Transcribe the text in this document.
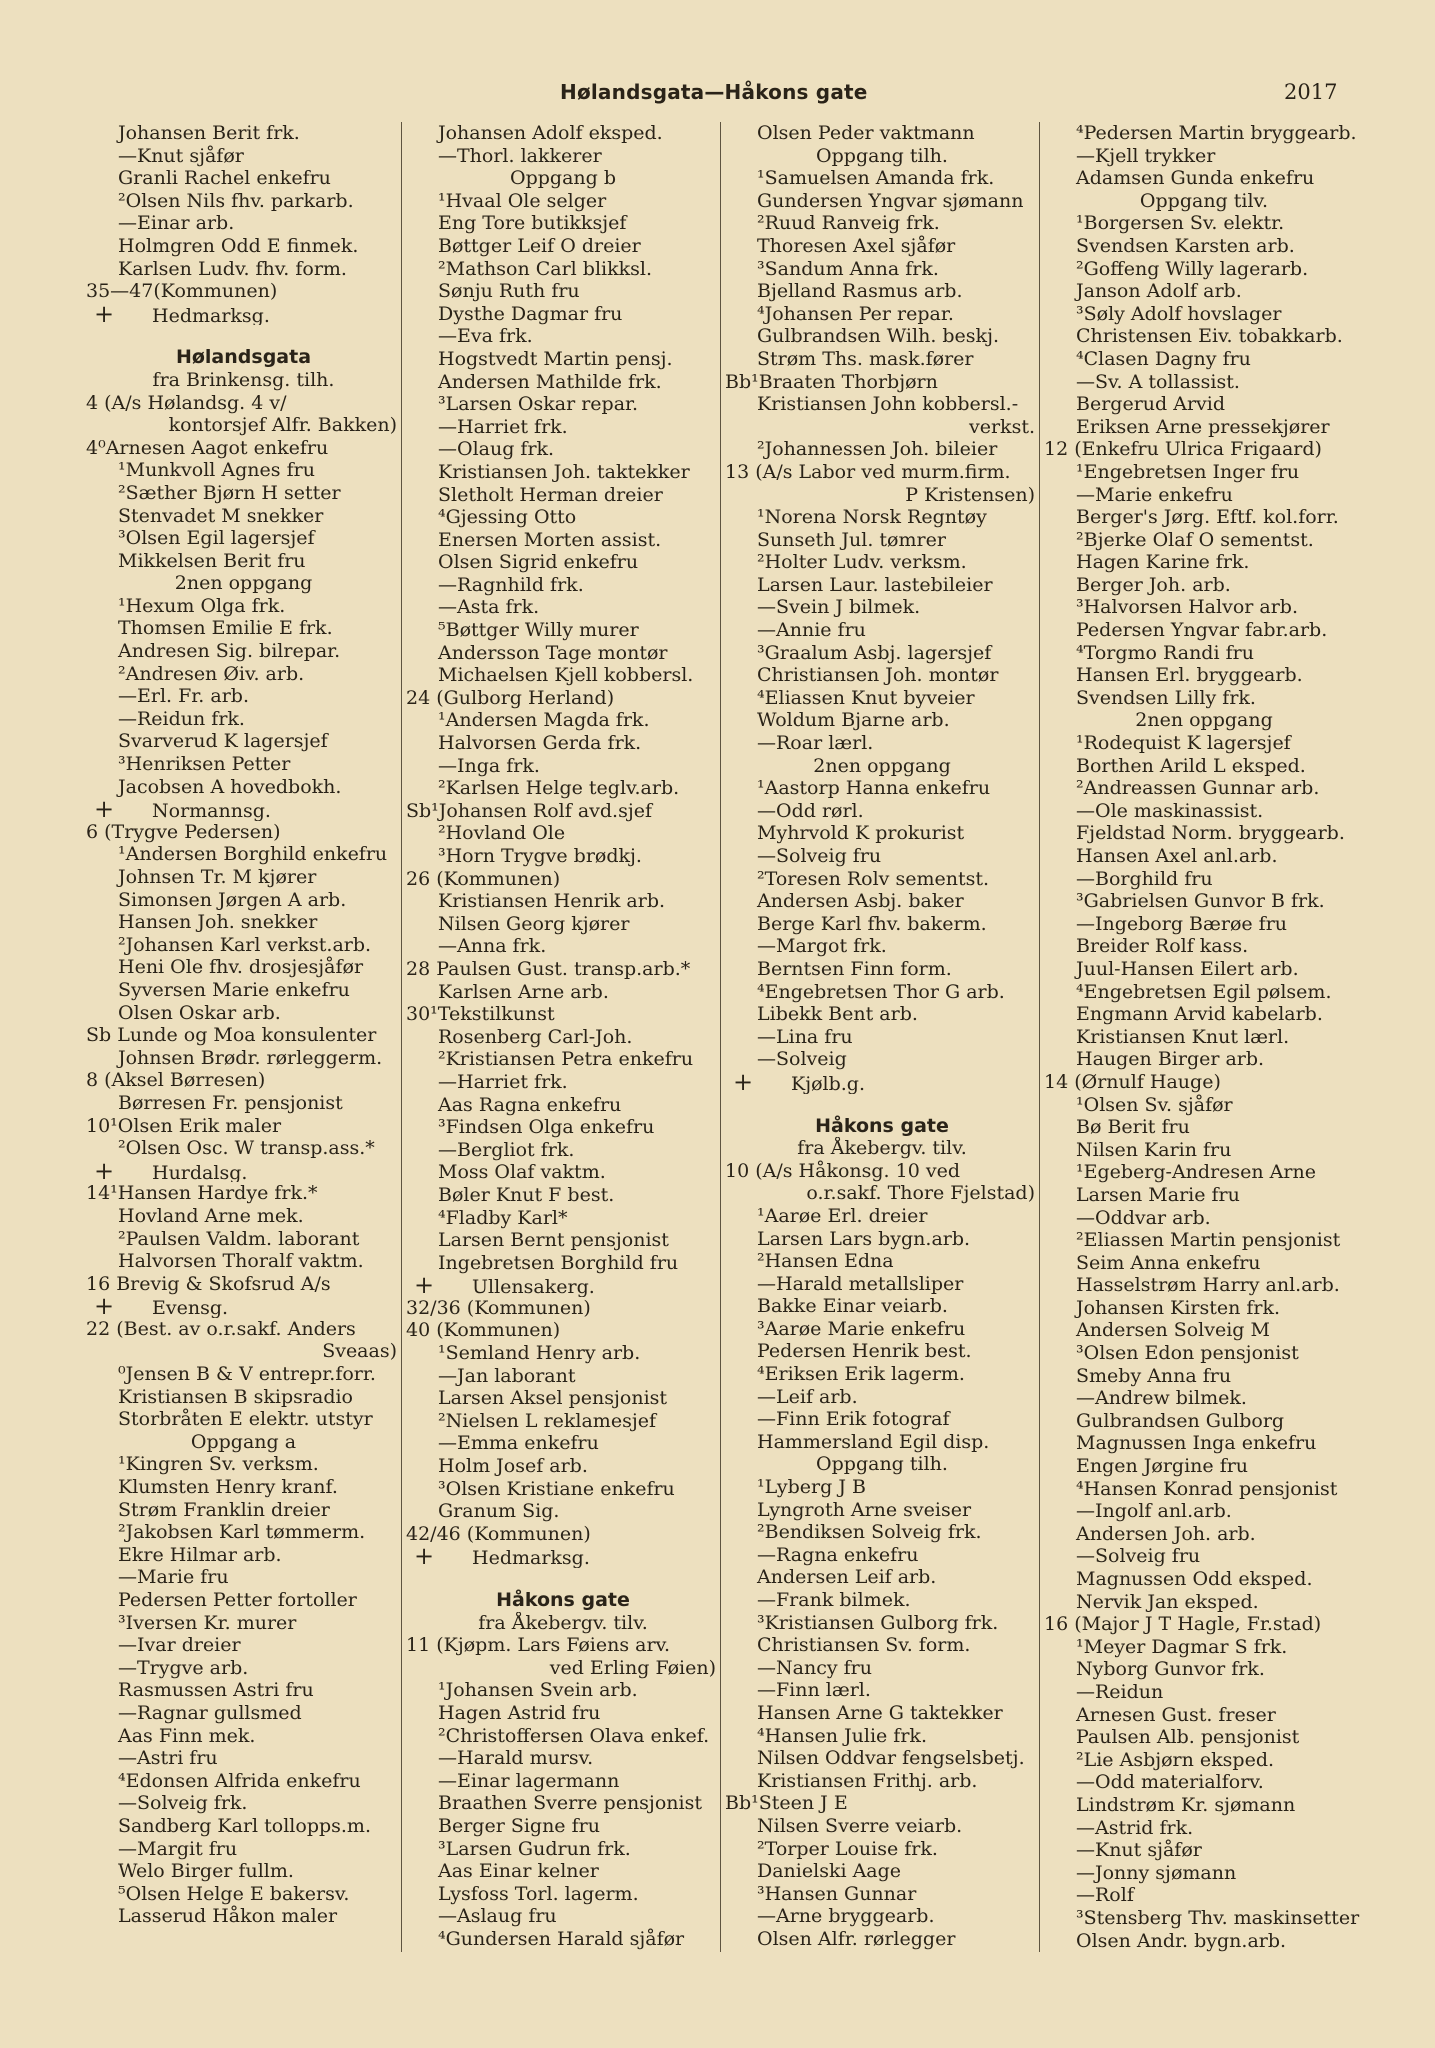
Hølandsgata—Håkons gate	2017
Johansen Berit frk.
—Knut sjåfør
Granli Rachel enkefru
²Olsen Nils fhv. parkarb.
—Einar arb.
Holmgren Odd E finmek.
Karlsen Ludv. fhv. form.
35—47(Kommunen)
+ Hedmarksg.
Hølandsgata
fra Brinkensg. tilh.
4 (A/s Hølandsg. 4 v/
kontorsjef Alfr. Bakken)
4⁰Arnesen Aagot enkefru
¹Munkvoll Agnes fru
²Sæther Bjørn H setter
Stenvadet M snekker
³Olsen Egil lagersjef
Mikkelsen Berit fru
2nen oppgang
¹Hexum Olga frk.
Thomsen Emilie E frk.
Andresen Sig. bilrepar.
²Andresen Øiv. arb.
—Erl. Fr. arb.
—Reidun frk.
Svarverud K lagersjef
³Henriksen Petter
Jacobsen A hovedbokh.
+ Normannsg.
6 (Trygve Pedersen)
¹Andersen Borghild enkefru
Johnsen Tr. M kjører
Simonsen Jørgen A arb.
Hansen Joh. snekker
²Johansen Karl verkst.arb.
Heni Ole fhv. drosjesjåfør
Syversen Marie enkefru
Olsen Oskar arb.
Sb Lunde og Moa konsulenter
Johnsen Brødr. rørleggerm.
8 (Aksel Børresen)
Børresen Fr. pensjonist
10¹Olsen Erik maler
²Olsen Osc. W transp.ass.*
+ Hurdalsg.
14¹Hansen Hardye frk.*
Hovland Arne mek.
²Paulsen Valdm. laborant
Halvorsen Thoralf vaktm.
16 Brevig & Skofsrud A/s
+ Evensg.
22 (Best. av o.r.sakf. Anders
Sveaas)
⁰Jensen B & V entrepr.forr.
Kristiansen B skipsradio
Storbråten E elektr. utstyr
Oppgang a
¹Kingren Sv. verksm.
Klumsten Henry kranf.
Strøm Franklin dreier
²Jakobsen Karl tømmerm.
Ekre Hilmar arb.
—Marie fru
Pedersen Petter fortoller
³Iversen Kr. murer
—Ivar dreier
—Trygve arb.
Rasmussen Astri fru
—Ragnar gullsmed
Aas Finn mek.
—Astri fru
⁴Edonsen Alfrida enkefru
—Solveig frk.
Sandberg Karl tollopps.m.
—Margit fru
Welo Birger fullm.
⁵Olsen Helge E bakersv.
Lasserud Håkon maler
Johansen Adolf eksped.
—Thorl. lakkerer
Oppgang b
¹Hvaal Ole selger
Eng Tore butikksjef
Bøttger Leif O dreier
²Mathson Carl blikksl.
Sønju Ruth fru
Dysthe Dagmar fru
—Eva frk.
Hogstvedt Martin pensj.
Andersen Mathilde frk.
³Larsen Oskar repar.
—Harriet frk.
—Olaug frk.
Kristiansen Joh. taktekker
Sletholt Herman dreier
⁴Gjessing Otto
Enersen Morten assist.
Olsen Sigrid enkefru
—Ragnhild frk.
—Asta frk.
⁵Bøttger Willy murer
Andersson Tage montør
Michaelsen Kjell kobbersl.
24 (Gulborg Herland)
¹Andersen Magda frk.
Halvorsen Gerda frk.
—Inga frk.
²Karlsen Helge teglv.arb.
Sb¹Johansen Rolf avd.sjef
²Hovland Ole
³Horn Trygve brødkj.
26 (Kommunen)
Kristiansen Henrik arb.
Nilsen Georg kjører
—Anna frk.
28 Paulsen Gust. transp.arb.*
Karlsen Arne arb.
30¹Tekstilkunst
Rosenberg Carl-Joh.
²Kristiansen Petra enkefru
—Harriet frk.
Aas Ragna enkefru
³Findsen Olga enkefru
—Bergliot frk.
Moss Olaf vaktm.
Bøler Knut F best.
⁴Fladby Karl*
Larsen Bernt pensjonist
Ingebretsen Borghild fru
+ Ullensakerg.
32/36 (Kommunen)
40 (Kommunen)
¹Semland Henry arb.
—Jan laborant
Larsen Aksel pensjonist
²Nielsen L reklamesjef
—Emma enkefru
Holm Josef arb.
³Olsen Kristiane enkefru
Granum Sig.
42/46 (Kommunen)
+ Hedmarksg.
Håkons gate
fra Åkebergv. tilv.
11 (Kjøpm. Lars Føiens arv.
ved Erling Føien)
¹Johansen Svein arb.
Hagen Astrid fru
²Christoffersen Olava enkef.
—Harald mursv.
—Einar lagermann
Braathen Sverre pensjonist
Berger Signe fru
³Larsen Gudrun frk.
Aas Einar kelner
Lysfoss Torl. lagerm.
—Aslaug fru
⁴Gundersen Harald sjåfør
Olsen Peder vaktmann
Oppgang tilh.
¹Samuelsen Amanda frk.
Gundersen Yngvar sjømann
²Ruud Ranveig frk.
Thoresen Axel sjåfør
³Sandum Anna frk.
Bjelland Rasmus arb.
⁴Johansen Per repar.
Gulbrandsen Wilh. beskj.
Strøm Ths. mask.fører
Bb¹Braaten Thorbjørn
Kristiansen John kobbersl.-
verkst.
²Johannessen Joh. bileier
13 (A/s Labor ved murm.firm.
P Kristensen)
¹Norena Norsk Regntøy
Sunseth Jul. tømrer
²Holter Ludv. verksm.
Larsen Laur. lastebileier
—Svein J bilmek.
—Annie fru
³Graalum Asbj. lagersjef
Christiansen Joh. montør
⁴Eliassen Knut byveier
Woldum Bjarne arb.
—Roar lærl.
2nen oppgang
¹Aastorp Hanna enkefru
—Odd rørl.
Myhrvold K prokurist
—Solveig fru
²Toresen Rolv sementst.
Andersen Asbj. baker
Berge Karl fhv. bakerm.
—Margot frk.
Berntsen Finn form.
⁴Engebretsen Thor G arb.
Libekk Bent arb.
—Lina fru
—Solveig
+ Kjølb.g.
Håkons gate
fra Åkebergv. tilv.
10 (A/s Håkonsg. 10 ved
o.r.sakf. Thore Fjelstad)
¹Aarøe Erl. dreier
Larsen Lars bygn.arb.
²Hansen Edna
—Harald metallsliper
Bakke Einar veiarb.
³Aarøe Marie enkefru
Pedersen Henrik best.
⁴Eriksen Erik lagerm.
—Leif arb.
—Finn Erik fotograf
Hammersland Egil disp.
Oppgang tilh.
¹Lyberg J B
Lyngroth Arne sveiser
²Bendiksen Solveig frk.
—Ragna enkefru
Andersen Leif arb.
—Frank bilmek.
³Kristiansen Gulborg frk.
Christiansen Sv. form.
—Nancy fru
—Finn lærl.
Hansen Arne G taktekker
⁴Hansen Julie frk.
Nilsen Oddvar fengselsbetj.
Kristiansen Frithj. arb.
Bb¹Steen J E
Nilsen Sverre veiarb.
²Torper Louise frk.
Danielski Aage
³Hansen Gunnar
—Arne bryggearb.
Olsen Alfr. rørlegger
⁴Pedersen Martin bryggearb.
—Kjell trykker
Adamsen Gunda enkefru
Oppgang tilv.
¹Borgersen Sv. elektr.
Svendsen Karsten arb.
²Goffeng Willy lagerarb.
Janson Adolf arb.
³Søly Adolf hovslager
Christensen Eiv. tobakkarb.
⁴Clasen Dagny fru
—Sv. A tollassist.
Bergerud Arvid
Eriksen Arne pressekjører
12 (Enkefru Ulrica Frigaard)
¹Engebretsen Inger fru
—Marie enkefru
Berger's Jørg. Eftf. kol.forr.
²Bjerke Olaf O sementst.
Hagen Karine frk.
Berger Joh. arb.
³Halvorsen Halvor arb.
Pedersen Yngvar fabr.arb.
⁴Torgmo Randi fru
Hansen Erl. bryggearb.
Svendsen Lilly frk.
2nen oppgang
¹Rodequist K lagersjef
Borthen Arild L eksped.
²Andreassen Gunnar arb.
—Ole maskinassist.
Fjeldstad Norm. bryggearb.
Hansen Axel anl.arb.
—Borghild fru
³Gabrielsen Gunvor B frk.
—Ingeborg Bærøe fru
Breider Rolf kass.
Juul-Hansen Eilert arb.
⁴Engebretsen Egil pølsem.
Engmann Arvid kabelarb.
Kristiansen Knut lærl.
Haugen Birger arb.
14 (Ørnulf Hauge)
¹Olsen Sv. sjåfør
Bø Berit fru
Nilsen Karin fru
¹Egeberg-Andresen Arne
Larsen Marie fru
—Oddvar arb.
²Eliassen Martin pensjonist
Seim Anna enkefru
Hasselstrøm Harry anl.arb.
Johansen Kirsten frk.
Andersen Solveig M
³Olsen Edon pensjonist
Smeby Anna fru
—Andrew bilmek.
Gulbrandsen Gulborg
Magnussen Inga enkefru
Engen Jørgine fru
⁴Hansen Konrad pensjonist
—Ingolf anl.arb.
Andersen Joh. arb.
—Solveig fru
Magnussen Odd eksped.
Nervik Jan eksped.
16 (Major J T Hagle, Fr.stad)
¹Meyer Dagmar S frk.
Nyborg Gunvor frk.
—Reidun
Arnesen Gust. freser
Paulsen Alb. pensjonist
²Lie Asbjørn eksped.
—Odd materialforv.
Lindstrøm Kr. sjømann
—Astrid frk.
—Knut sjåfør
—Jonny sjømann
—Rolf
³Stensberg Thv. maskinsetter
Olsen Andr. bygn.arb.
